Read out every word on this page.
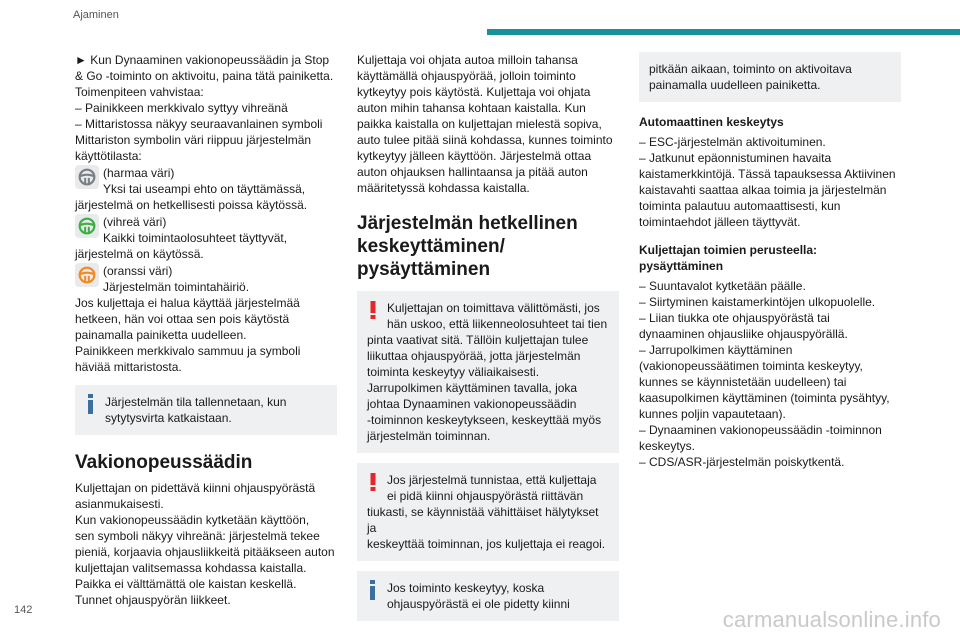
Ajaminen

► Kun Dynaaminen vakionopeussäädin ja Stop

& Go -toiminto on aktivoitu, paina tätä painiketta.

Toimenpiteen vahvistaa:

– Painikkeen merkkivalo syttyy vihreänä

– Mittaristossa näkyy seuraavanlainen symboli

Mittariston symbolin väri riippuu järjestelmän

käyttötilasta:

(harmaa väri)

Yksi tai useampi ehto on täyttämässä,

järjestelmä on hetkellisesti poissa käytössä.

(vihreä väri)

Kaikki toimintaolosuhteet täyttyvät,

järjestelmä on käytössä.

(oranssi väri)

Järjestelmän toimintahäiriö.

Jos kuljettaja ei halua käyttää järjestelmää

hetkeen, hän voi ottaa sen pois käytöstä

painamalla painiketta uudelleen.

Painikkeen merkkivalo sammuu ja symboli

häviää mittaristosta.

Järjestelmän tila tallennetaan, kun

sytytysvirta katkaistaan.

Vakionopeussäädin

Kuljettajan on pidettävä kiinni ohjauspyörästä

asianmukaisesti.

Kun vakionopeussäädin kytketään käyttöön,

sen symboli näkyy vihreänä: järjestelmä tekee

pieniä, korjaavia ohjausliikkeitä pitääkseen auton

kuljettajan valitsemassa kohdassa kaistalla.

Paikka ei välttämättä ole kaistan keskellä.

Tunnet ohjauspyörän liikkeet.

Kuljettaja voi ohjata autoa milloin tahansa

käyttämällä ohjauspyörää, jolloin toiminto

kytkeytyy pois käytöstä. Kuljettaja voi ohjata

auton mihin tahansa kohtaan kaistalla. Kun

paikka kaistalla on kuljettajan mielestä sopiva,

auto tulee pitää siinä kohdassa, kunnes toiminto

kytkeytyy jälleen käyttöön. Järjestelmä ottaa

auton ohjauksen hallintaansa ja pitää auton

määritetyssä kohdassa kaistalla.

Järjestelmän hetkellinen
keskeyttäminen/
pysäyttäminen

Kuljettajan on toimittava välittömästi, jos

hän uskoo, että liikenneolosuhteet tai tien

pinta vaativat sitä. Tällöin kuljettajan tulee

liikuttaa ohjauspyörää, jotta järjestelmän

toiminta keskeytyy väliaikaisesti.

Jarrupolkimen käyttäminen tavalla, joka

johtaa Dynaaminen vakionopeussäädin

-toiminnon keskeytykseen, keskeyttää myös

järjestelmän toiminnan.

Jos järjestelmä tunnistaa, että kuljettaja

ei pidä kiinni ohjauspyörästä riittävän

tiukasti, se käynnistää vähittäiset hälytykset ja

keskeyttää toiminnan, jos kuljettaja ei reagoi.

Jos toiminto keskeytyy, koska

ohjauspyörästä ei ole pidetty kiinni

pitkään aikaan, toiminto on aktivoitava

painamalla uudelleen painiketta.

Automaattinen keskeytys

– ESC-järjestelmän aktivoituminen.

– Jatkunut epäonnistuminen havaita

kaistamerkkintöjä. Tässä tapauksessa Aktiivinen

kaistavahti saattaa alkaa toimia ja järjestelmän

toiminta palautuu automaattisesti, kun

toimintaehdot jälleen täyttyvät.

Kuljettajan toimien perusteella:
pysäyttäminen

– Suuntavalot kytketään päälle.

– Siirtyminen kaistamerkintöjen ulkopuolelle.

– Liian tiukka ote ohjauspyörästä tai

dynaaminen ohjausliike ohjauspyörällä.

– Jarrupolkimen käyttäminen

(vakionopeussäätimen toiminta keskeytyy,

kunnes se käynnistetään uudelleen) tai

kaasupolkimen käyttäminen (toiminta pysähtyy,

kunnes poljin vapautetaan).

– Dynaaminen vakionopeussäädin -toiminnon

keskeytys.

– CDS/ASR-järjestelmän poiskytkentä.

142	carmanualsonline.info
